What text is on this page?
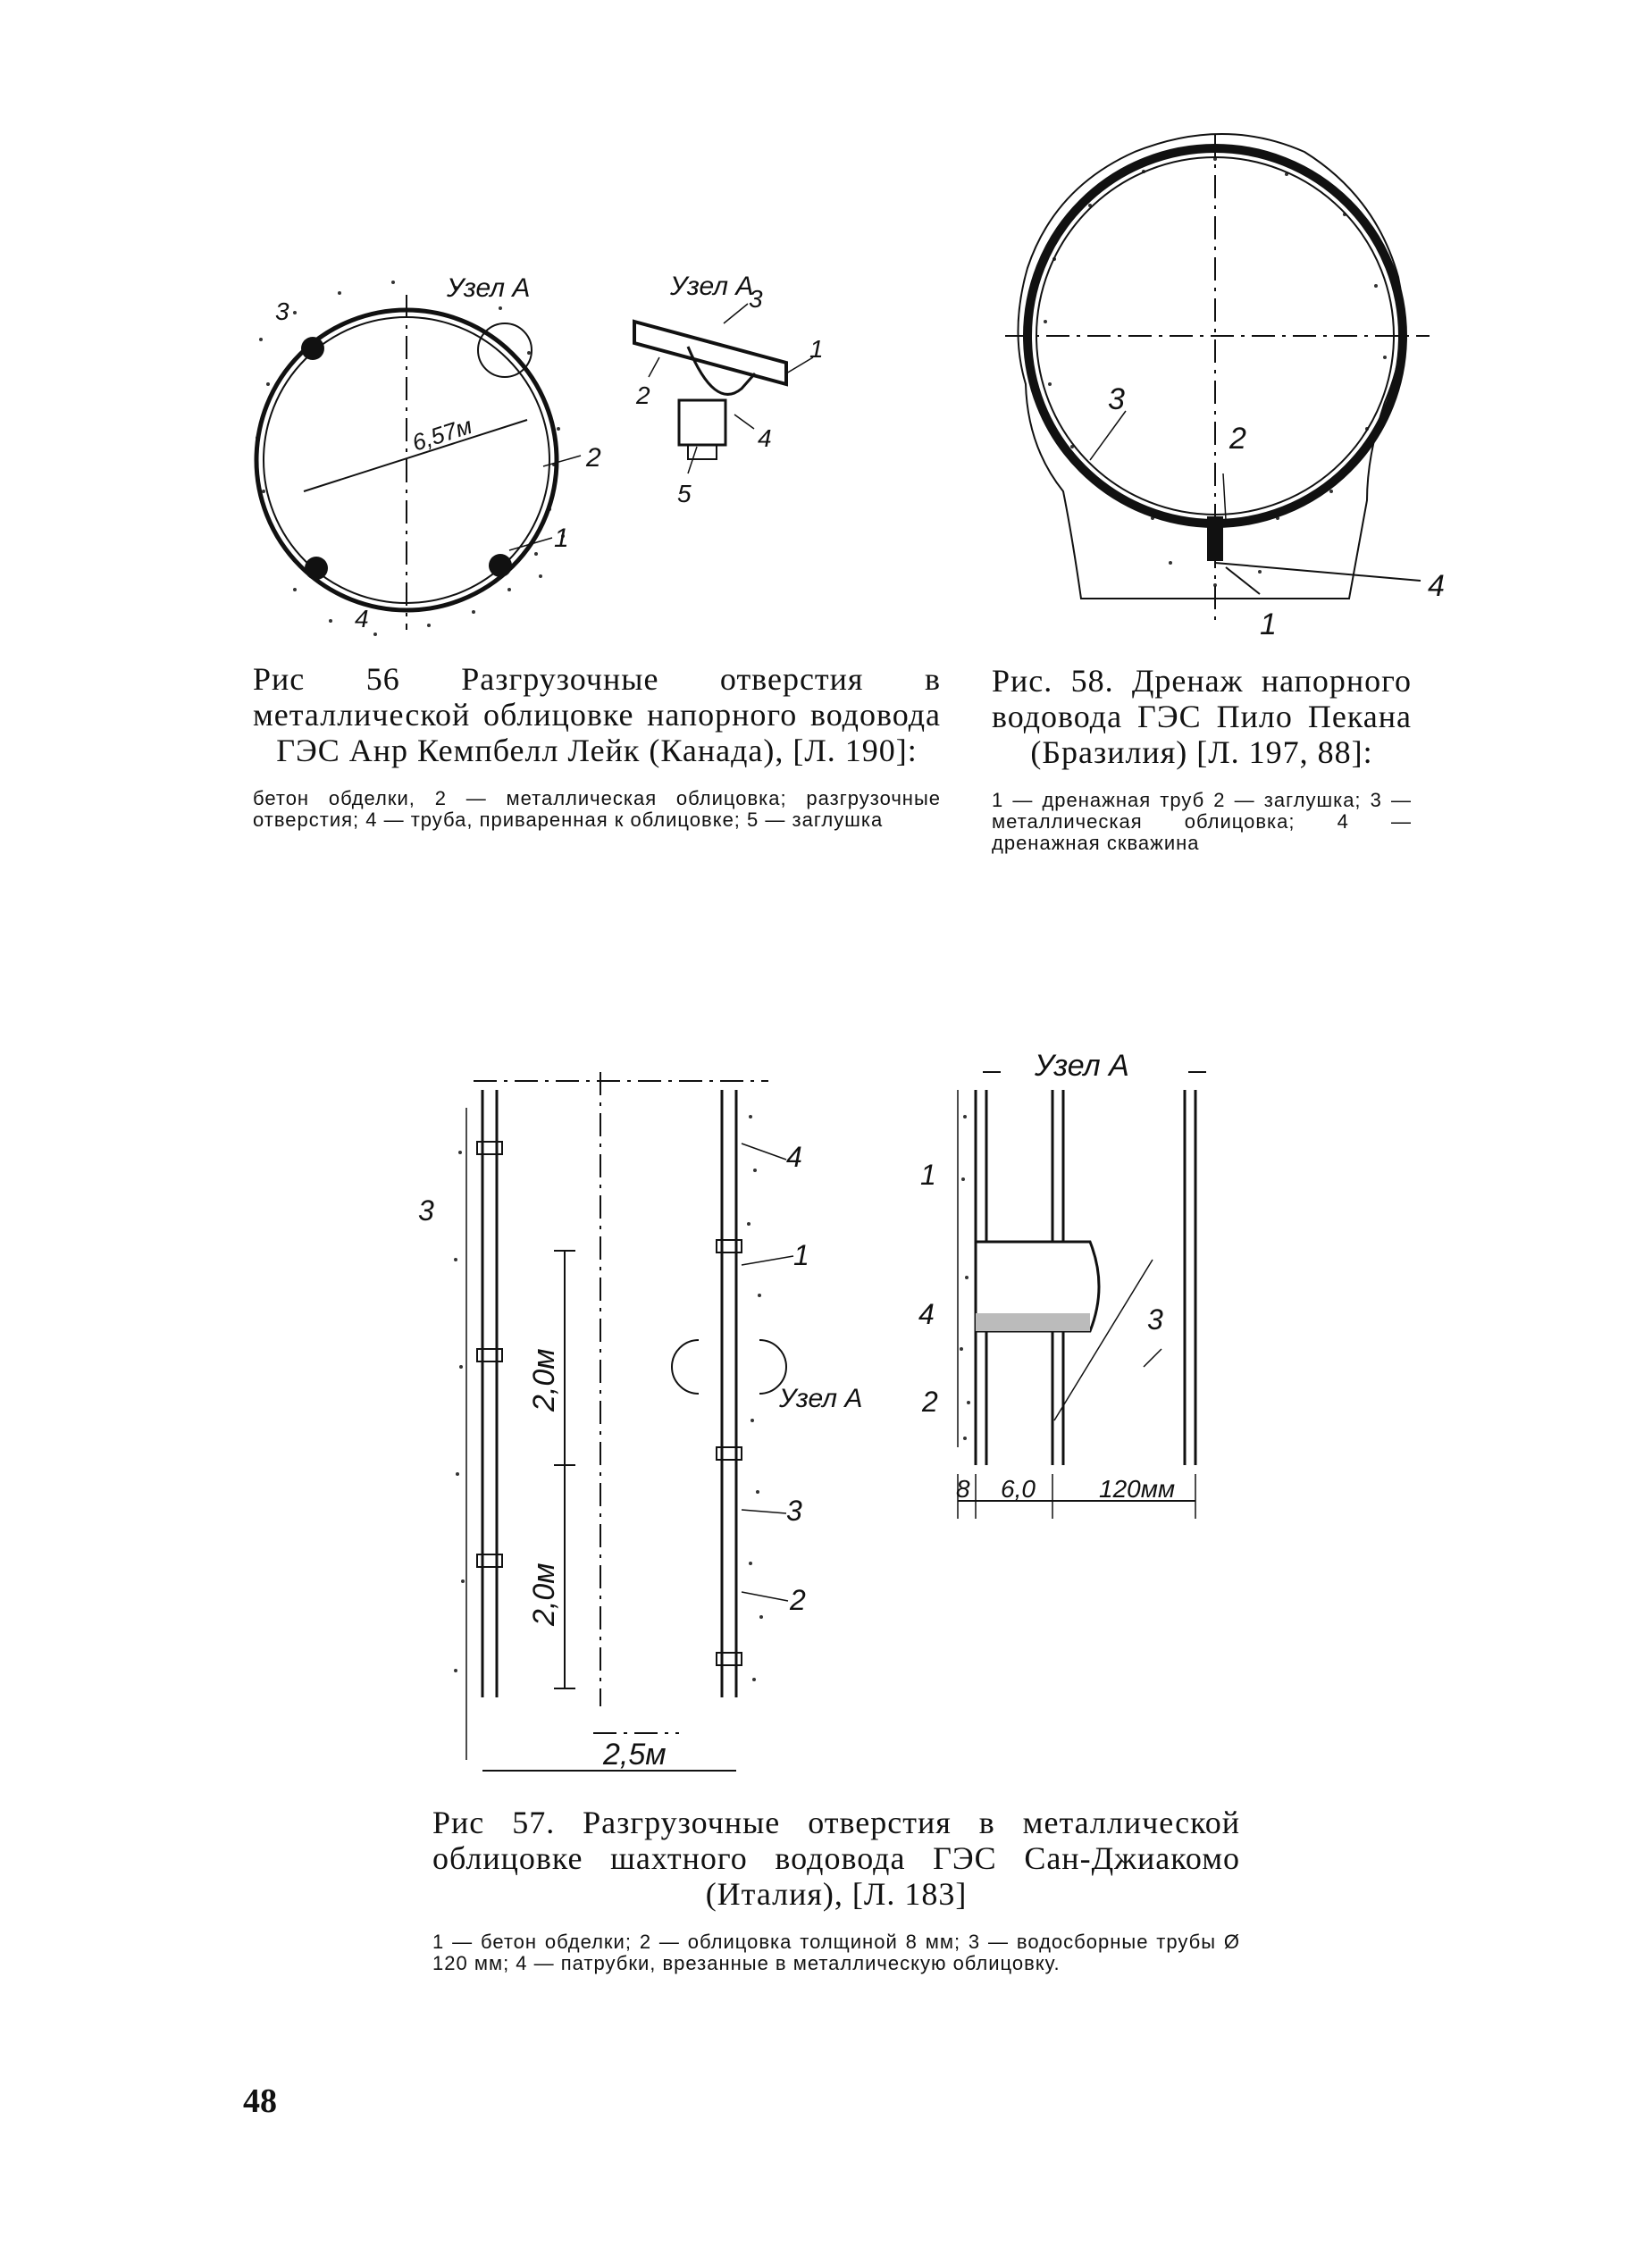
Узел А
6,57м
3
2
1
4
Узел А
3
1
2
4
5
Рис 56 Разгрузочные отверстия в металлической облицовке напорного водовода ГЭС Анр Кемпбелл Лейк (Канада), [Л. 190]:
бетон обделки, 2 — металлическая облицовка; разгрузочные отверстия; 4 — труба, приваренная к облицовке; 5 — заглушка
3
2
4
1
Рис. 58. Дренаж напорного водовода ГЭС Пило Пекана (Бразилия) [Л. 197, 88]:
1 — дренажная труб 2 — заглушка; 3 — металлическая облицовка; 4 — дренажная скважина
2,0м
2,0м
2,5м
3
4
1
Узел А
3
2
Узел А
1
4
2
3
8 6,0	120мм
Рис 57. Разгрузочные отверстия в металлической облицовке шахтного водовода ГЭС Сан-Джиакомо (Италия), [Л. 183]
1 — бетон обделки; 2 — облицовка толщиной 8 мм; 3 — водосборные трубы Ø 120 мм; 4 — патрубки, врезанные в металлическую облицовку.
48
